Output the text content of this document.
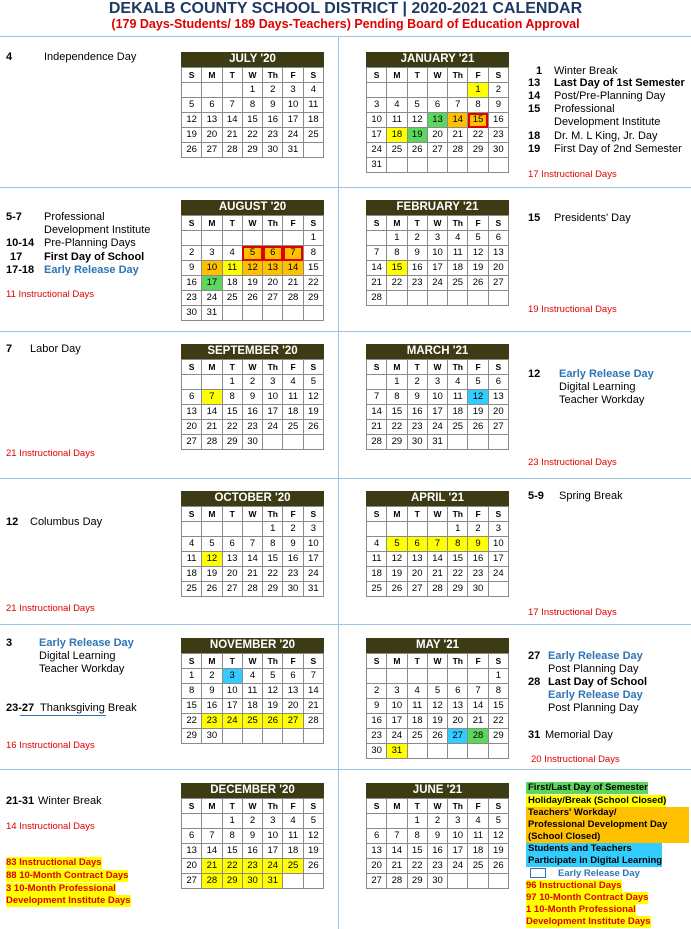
DEKALB COUNTY SCHOOL DISTRICT | 2020-2021 CALENDAR
(179 Days-Students/ 189 Days-Teachers) Pending Board of Education Approval
JULY '20
S	M	T	W	Th	F	S
			1	2	3	4
5	6	7	8	9	10	11
12	13	14	15	16	17	18
19	20	21	22	23	24	25
26	27	28	29	30	31	
JANUARY '21
S	M	T	W	Th	F	S
					1	2
3	4	5	6	7	8	9
10	11	12	13	14	15	16
17	18	19	20	21	22	23
24	25	26	27	28	29	30
31						
AUGUST '20
S	M	T	W	Th	F	S
						1
2	3	4	5	6	7	8
9	10	11	12	13	14	15
16	17	18	19	20	21	22
23	24	25	26	27	28	29
30	31					
FEBRUARY '21
S	M	T	W	Th	F	S
	1	2	3	4	5	6
7	8	9	10	11	12	13
14	15	16	17	18	19	20
21	22	23	24	25	26	27
28						
SEPTEMBER '20
S	M	T	W	Th	F	S
		1	2	3	4	5
6	7	8	9	10	11	12
13	14	15	16	17	18	19
20	21	22	23	24	25	26
27	28	29	30			
MARCH '21
S	M	T	W	Th	F	S
	1	2	3	4	5	6
7	8	9	10	11	12	13
14	15	16	17	18	19	20
21	22	23	24	25	26	27
28	29	30	31			
OCTOBER '20
S	M	T	W	Th	F	S
				1	2	3
4	5	6	7	8	9	10
11	12	13	14	15	16	17
18	19	20	21	22	23	24
25	26	27	28	29	30	31
APRIL '21
S	M	T	W	Th	F	S
				1	2	3
4	5	6	7	8	9	10
11	12	13	14	15	16	17
18	19	20	21	22	23	24
25	26	27	28	29	30	
NOVEMBER '20
S	M	T	W	Th	F	S
1	2	3	4	5	6	7
8	9	10	11	12	13	14
15	16	17	18	19	20	21
22	23	24	25	26	27	28
29	30					
MAY '21
S	M	T	W	Th	F	S
						1
2	3	4	5	6	7	8
9	10	11	12	13	14	15
16	17	18	19	20	21	22
23	24	25	26	27	28	29
30	31					
DECEMBER '20
S	M	T	W	Th	F	S
		1	2	3	4	5
6	7	8	9	10	11	12
13	14	15	16	17	18	19
20	21	22	23	24	25	26
27	28	29	30	31		
JUNE '21
S	M	T	W	Th	F	S
		1	2	3	4	5
6	7	8	9	10	11	12
13	14	15	16	17	18	19
20	21	22	23	24	25	26
27	28	29	30			
4	Independence Day
1 Winter Break
13 Last Day of 1st Semester
14 Post/Pre-Planning Day
15 Professional
Development Institute
18 Dr. M. L King, Jr. Day
19 First Day of 2nd Semester
17 Instructional Days
5-7 Professional
Development Institute
10-14 Pre-Planning Days
17 First Day of School
17-18 Early Release Day
11 Instructional Days
15 Presidents' Day
19 Instructional Days
7 Labor Day
21 Instructional Days
12 Early Release Day
Digital Learning
Teacher Workday
23 Instructional Days
12 Columbus Day
21 Instructional Days
5-9 Spring Break
17 Instructional Days
3 Early Release Day
Digital Learning
Teacher Workday
23-27 Thanksgiving Break
16 Instructional Days
27 Early Release Day
Post Planning Day
28 Last Day of School
Early Release Day
Post Planning Day
31 Memorial Day
20 Instructional Days
21-31 Winter Break
14 Instructional Days
83 Instructional Days
88 10-Month Contract Days
3 10-Month Professional
Development Institute Days
First/Last Day of Semester
Holiday/Break (School Closed)
Teachers' Workday/
Professional Development Day
(School Closed)
Students and Teachers
Participate in Digital Learning
Early Release Day
96 Instructional Days
97 10-Month Contract Days
1 10-Month Professional
Development Institute Days
